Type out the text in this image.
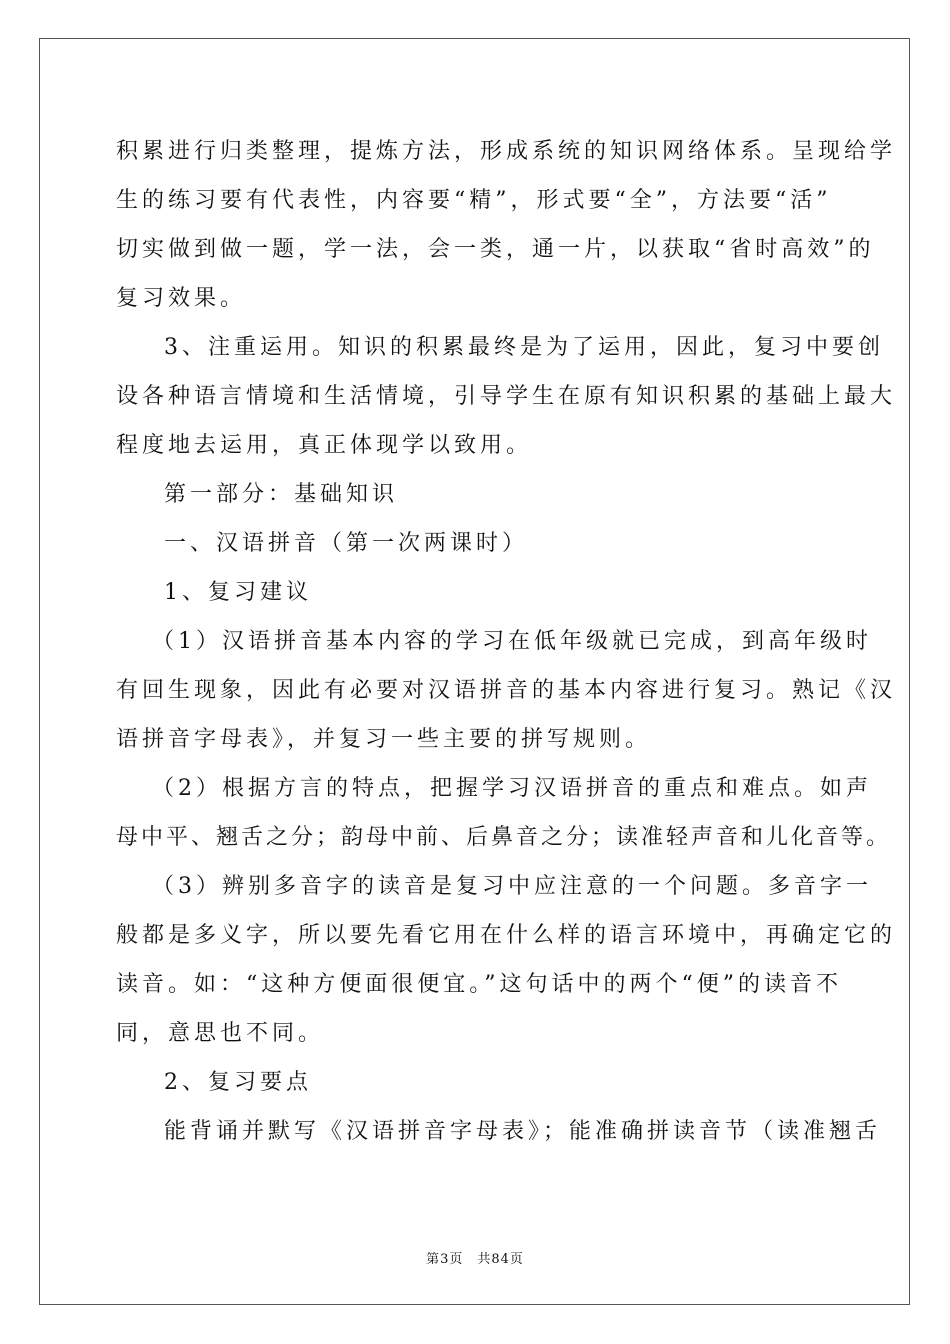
积累进行归类整理，提炼方法，形成系统的知识网络体系。呈现给学
生的练习要有代表性，内容要“精”，形式要“全”，方法要“活”
切实做到做一题，学一法，会一类，通一片，以获取“省时高效”的
复习效果。
3、注重运用。知识的积累最终是为了运用，因此，复习中要创
设各种语言情境和生活情境，引导学生在原有知识积累的基础上最大
程度地去运用，真正体现学以致用。
第一部分：基础知识
一、汉语拼音（第一次两课时）
1、复习建议
（1）汉语拼音基本内容的学习在低年级就已完成，到高年级时
有回生现象，因此有必要对汉语拼音的基本内容进行复习。熟记《汉
语拼音字母表》，并复习一些主要的拼写规则。
（2）根据方言的特点，把握学习汉语拼音的重点和难点。如声
母中平、翘舌之分；韵母中前、后鼻音之分；读准轻声音和儿化音等。
（3）辨别多音字的读音是复习中应注意的一个问题。多音字一
般都是多义字，所以要先看它用在什么样的语言环境中，再确定它的
读音。如：“这种方便面很便宜。”这句话中的两个“便”的读音不
同，意思也不同。
2、复习要点
能背诵并默写《汉语拼音字母表》；能准确拼读音节（读准翘舌
第3页 共84页
